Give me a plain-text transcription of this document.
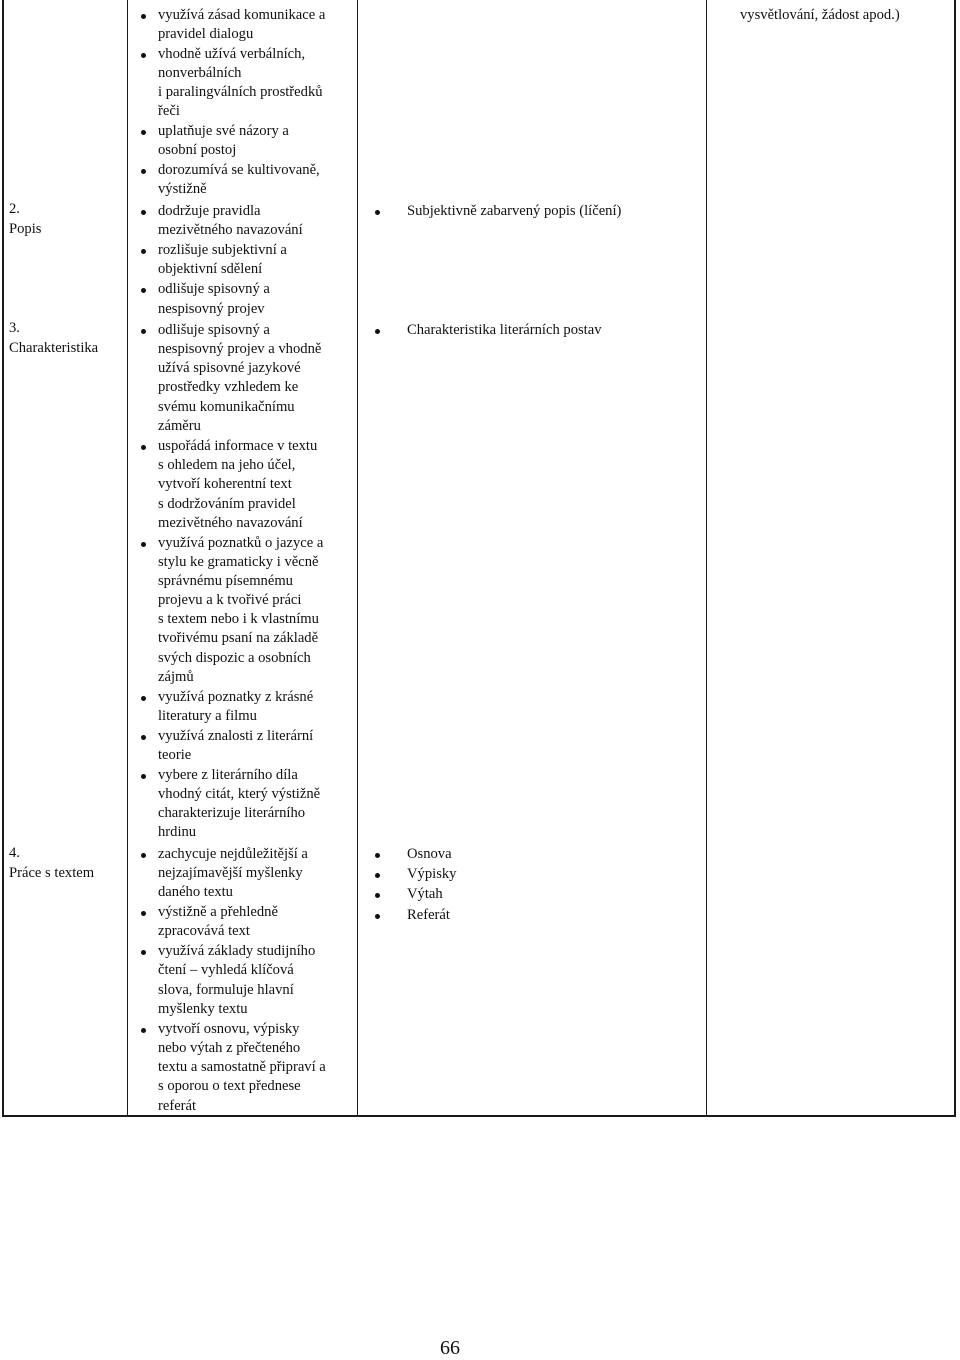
vysvětlování, žádost apod.)
2.
Popis
3.
Charakteristika
4.
Práce s textem
využívá zásad komunikace a
pravidel dialogu
vhodně užívá verbálních,
nonverbálních
i paralingválních prostředků
řeči
uplatňuje své názory a
osobní postoj
dorozumívá se kultivovaně,
výstižně
dodržuje pravidla
mezivětného navazování
rozlišuje subjektivní a
objektivní sdělení
odlišuje spisovný a
nespisovný projev
odlišuje spisovný a
nespisovný projev a vhodně
užívá spisovné jazykové
prostředky vzhledem ke
svému komunikačnímu
záměru
uspořádá informace v textu
s ohledem na jeho účel,
vytvoří koherentní text
s dodržováním pravidel
mezivětného navazování
využívá poznatků o jazyce a
stylu ke gramaticky i věcně
správnému písemnému
projevu a k tvořivé práci
s textem nebo i k vlastnímu
tvořivému psaní na základě
svých dispozic a osobních
zájmů
využívá poznatky z krásné
literatury a filmu
využívá znalosti z literární
teorie
vybere z literárního díla
vhodný citát, který výstižně
charakterizuje literárního
hrdinu
zachycuje nejdůležitější a
nejzajímavější myšlenky
daného textu
výstižně a přehledně
zpracovává text
využívá základy studijního
čtení – vyhledá klíčová
slova, formuluje hlavní
myšlenky textu
vytvoří osnovu, výpisky
nebo výtah z přečteného
textu a samostatně připraví a
s oporou o text přednese
referát
Subjektivně zabarvený popis (líčení)
Charakteristika literárních postav
Osnova
Výpisky
Výtah
Referát
66
